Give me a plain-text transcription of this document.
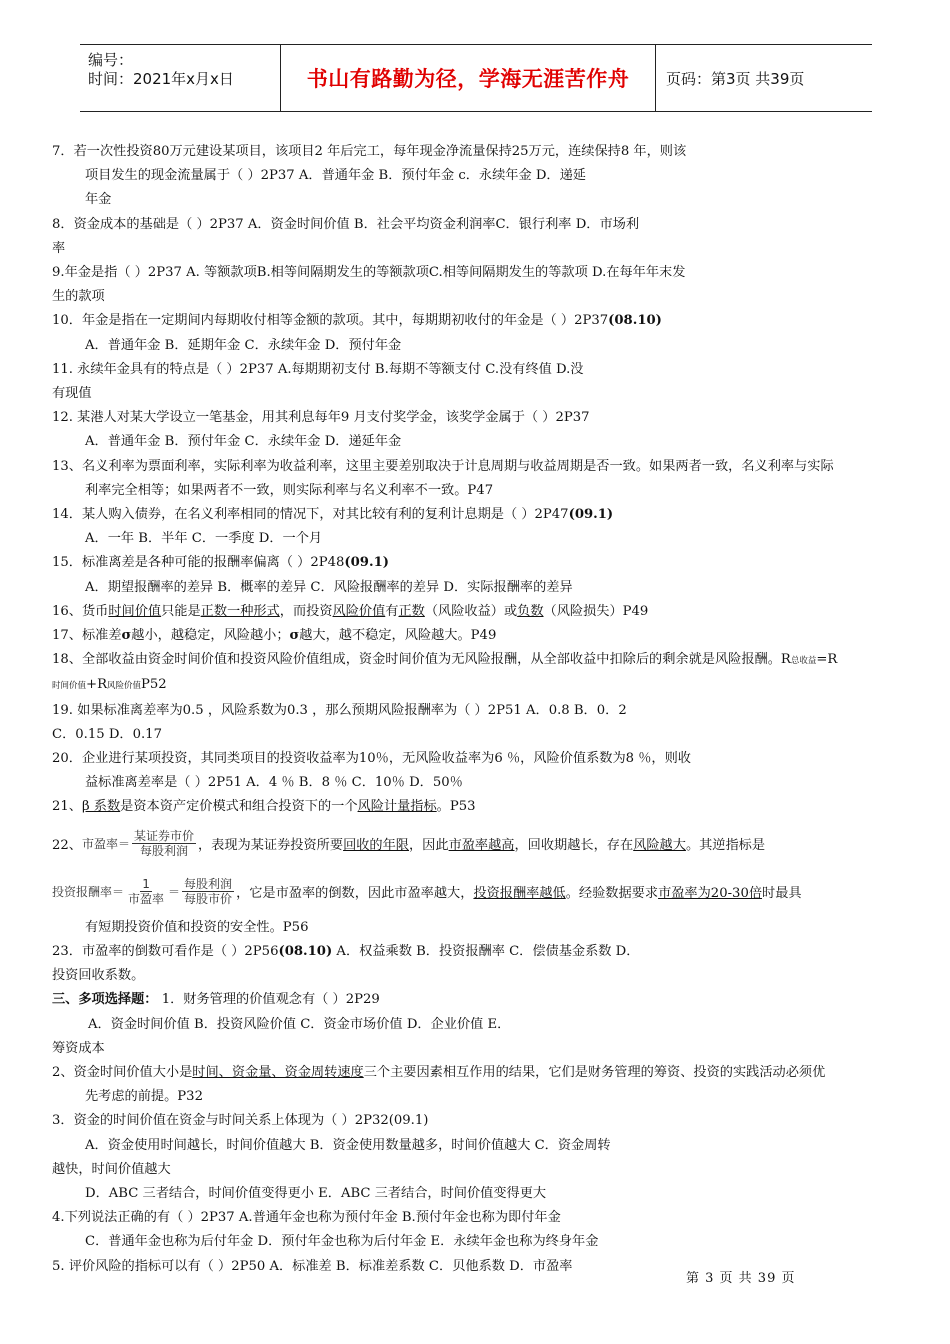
编号：
时间：2021年x月x日	书山有路勤为径，学海无涯苦作舟	页码：第3页 共39页
7．若一次性投资80万元建设某项目，该项目2 年后完工，每年现金净流量保持25万元，连续保持8 年，则该
项目发生的现金流量属于（ ）2P37 A．普通年金 B．预付年金 c．永续年金 D．递延
年金
8．资金成本的基础是（ ）2P37 A．资金时间价值 B．社会平均资金利润率C．银行利率 D．市场利
率
9.年金是指（ ）2P37 A. 等额款项B.相等间隔期发生的等额款项C.相等间隔期发生的等款项 D.在每年年末发
生的款项
10．年金是指在一定期间内每期收付相等金额的款项。其中，每期期初收付的年金是（ ）2P37(08.10)
A．普通年金 B．延期年金 C．永续年金 D．预付年金
11. 永续年金具有的特点是（ ）2P37 A.每期期初支付 B.每期不等额支付 C.没有终值 D.没
有现值
12. 某港人对某大学设立一笔基金，用其利息每年9 月支付奖学金，该奖学金属于（ ）2P37
A．普通年金 B．预付年金 C．永续年金 D．递延年金
13、名义利率为票面利率，实际利率为收益利率，这里主要差别取决于计息周期与收益周期是否一致。如果两者一致，名义利率与实际
利率完全相等；如果两者不一致，则实际利率与名义利率不一致。P47
14．某人购入债券，在名义利率相同的情况下，对其比较有利的复利计息期是（ ）2P47(09.1)
A．一年 B．半年 C．一季度 D．一个月
15．标准离差是各种可能的报酬率偏离（ ）2P48(09.1)
A．期望报酬率的差异 B．概率的差异 C．风险报酬率的差异 D．实际报酬率的差异
16、货币时间价值只能是正数一种形式，而投资风险价值有正数（风险收益）或负数（风险损失）P49
17、标准差σ越小，越稳定，风险越小；σ越大，越不稳定，风险越大。P49
18、全部收益由资金时间价值和投资风险价值组成，资金时间价值为无风险报酬，从全部收益中扣除后的剩余就是风险报酬。R总收益=R
时间价值+R风险价值P52
19. 如果标准离差率为0.5 ，风险系数为0.3 ，那么预期风险报酬率为（ ）2P51 A．0.8 B．0．2
C．0.15 D．0.17
20．企业进行某项投资，其同类项目的投资收益率为10％，无风险收益率为6 ％，风险价值系数为8 ％，则收
益标准离差率是（ ）2P51 A．4 ％ B．8 ％ C．10％ D．50％
21、β 系数是资本资产定价模式和组合投资下的一个风险计量指标。P53
22、 市盈率＝ $\frac{\text{某证券市价}}{\text{每股利润}}$ ，表现为某证券投资所要 回收的年限 ，因此 市盈率越高 ，回收期越长，存在 风险越大 。其逆指标是
投资报酬率＝ $\frac{1}{\text{市盈率}} = \frac{\text{每股利润}}{\text{每股市价}}$ ，它是市盈率的倒数，因此市盈率越大， 投资报酬率越低 。经验数据要求 市盈率为20-30倍 时最具
有短期投资价值和投资的安全性。P56
23．市盈率的倒数可看作是（ ）2P56(08.10) A．权益乘数 B．投资报酬率 C．偿债基金系数 D．
投资回收系数。
三、多项选择题： 1．财务管理的价值观念有（ ）2P29
A．资金时间价值 B．投资风险价值 C．资金市场价值 D．企业价值 E．
筹资成本
2、资金时间价值大小是时间、资金量、资金周转速度三个主要因素相互作用的结果，它们是财务管理的筹资、投资的实践活动必须优
先考虑的前提。P32
3．资金的时间价值在资金与时间关系上体现为（ ）2P32(09.1)
A．资金使用时间越长，时间价值越大 B．资金使用数量越多，时间价值越大 C．资金周转
越快，时间价值越大
D．ABC 三者结合，时间价值变得更小 E．ABC 三者结合，时间价值变得更大
4.下列说法正确的有（ ）2P37 A.普通年金也称为预付年金 B.预付年金也称为即付年金
C．普通年金也称为后付年金 D．预付年金也称为后付年金 E．永续年金也称为终身年金
5. 评价风险的指标可以有（ ）2P50 A．标准差 B．标准差系数 C．贝他系数 D．市盈率
第 3 页 共 39 页
